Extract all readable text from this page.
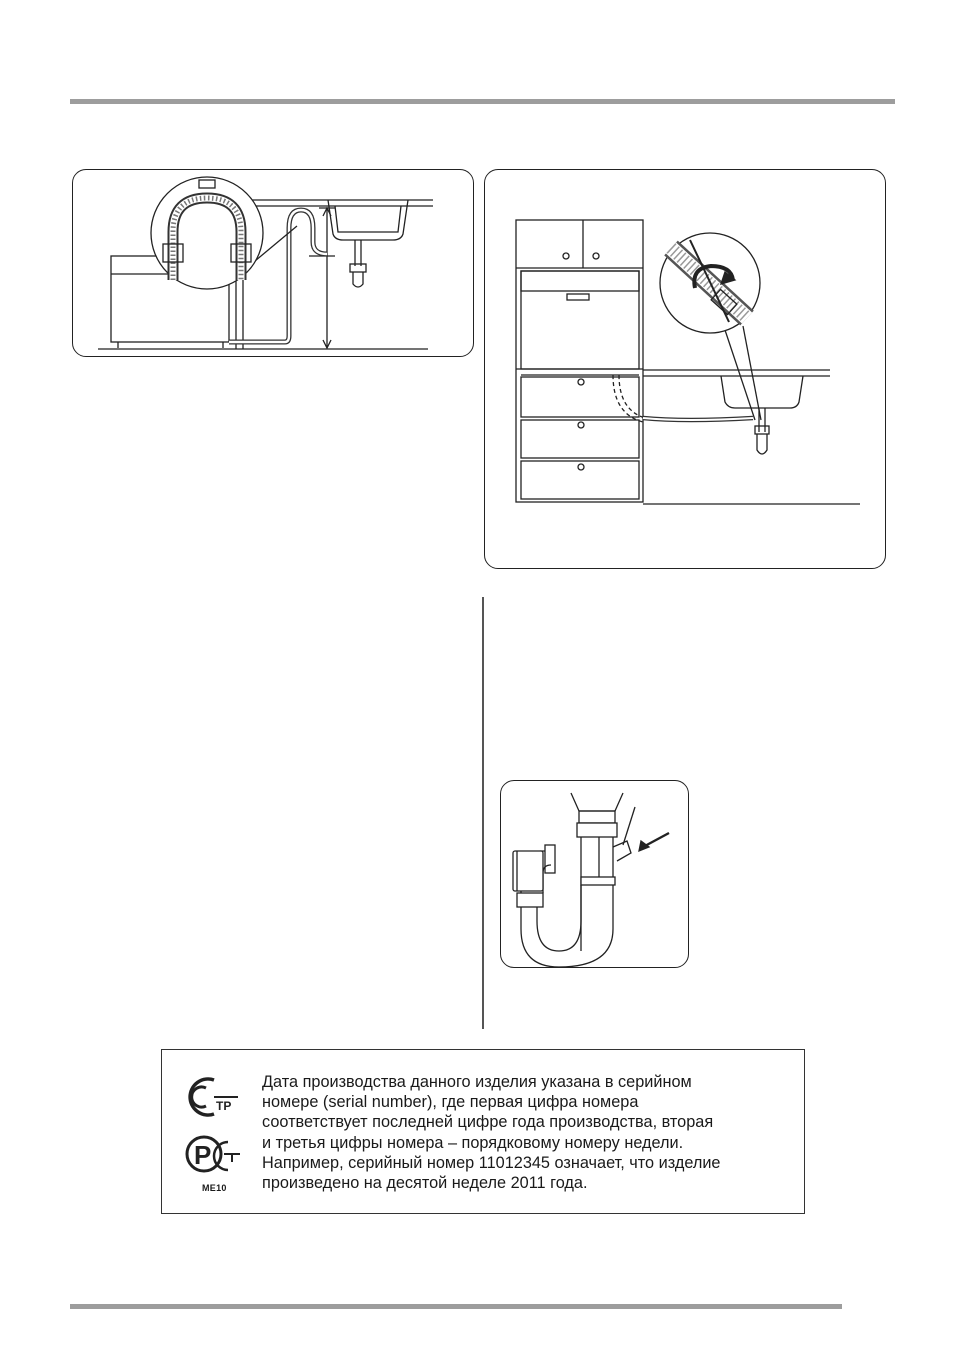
ТР
P
МЕ10
Дата производства данного изделия указана в серийном
номере (serial number), где первая цифра номера
соответствует последней цифре года производства, вторая
и третья цифры номера – порядковому номеру недели.
Например, серийный номер 11012345 означает, что изделие
произведено на десятой неделе 2011 года.
